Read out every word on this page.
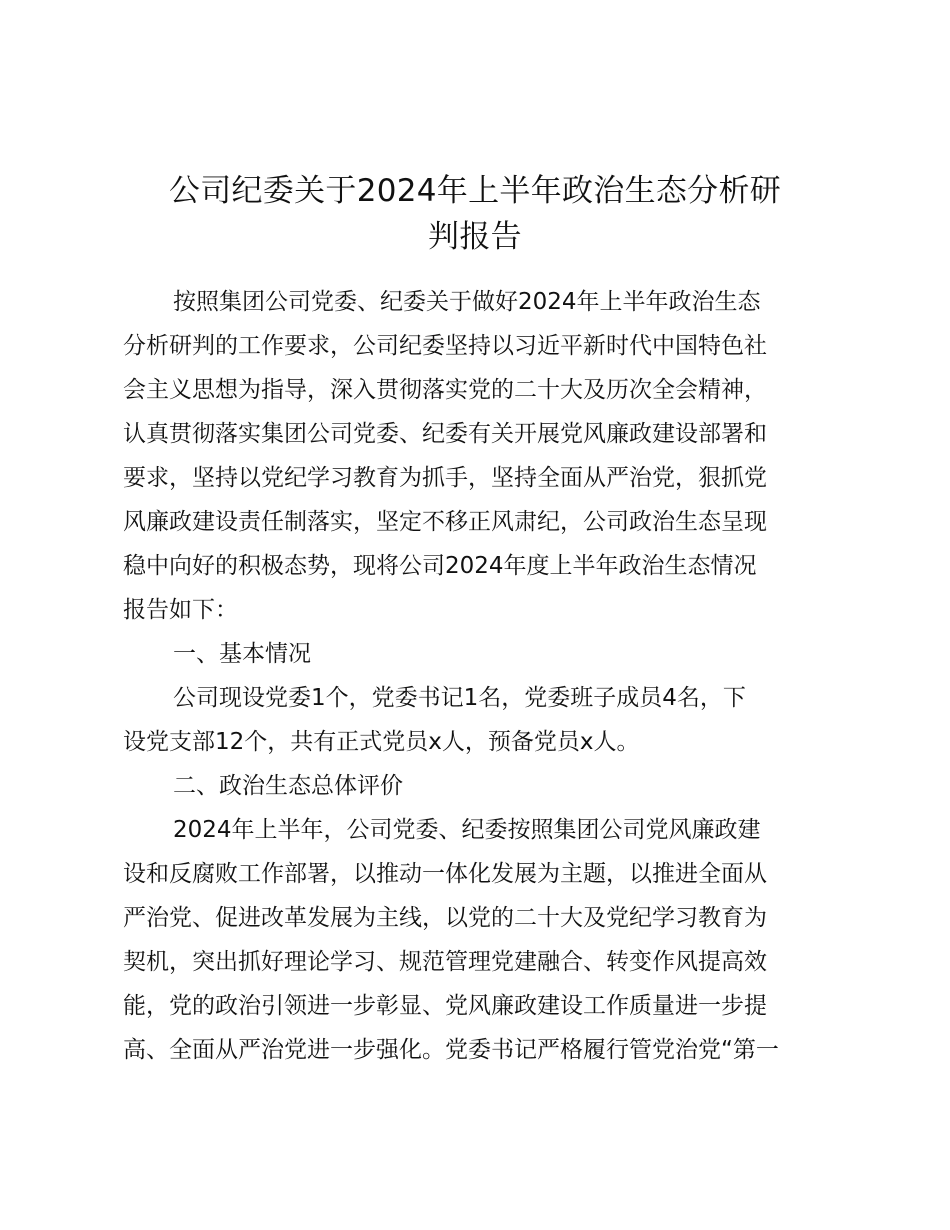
公司纪委关于2024年上半年政治生态分析研
判报告

按照集团公司党委、纪委关于做好2024年上半年政治生态

分析研判的工作要求，公司纪委坚持以习近平新时代中国特色社

会主义思想为指导，深入贯彻落实党的二十大及历次全会精神，

认真贯彻落实集团公司党委、纪委有关开展党风廉政建设部署和

要求，坚持以党纪学习教育为抓手，坚持全面从严治党，狠抓党

风廉政建设责任制落实，坚定不移正风肃纪，公司政治生态呈现

稳中向好的积极态势，现将公司2024年度上半年政治生态情况

报告如下：

一、基本情况

公司现设党委1个，党委书记1名，党委班子成员4名，下

设党支部12个，共有正式党员x人，预备党员x人。

二、政治生态总体评价

2024年上半年，公司党委、纪委按照集团公司党风廉政建

设和反腐败工作部署，以推动一体化发展为主题，以推进全面从

严治党、促进改革发展为主线，以党的二十大及党纪学习教育为

契机，突出抓好理论学习、规范管理党建融合、转变作风提高效

能，党的政治引领进一步彰显、党风廉政建设工作质量进一步提

高、全面从严治党进一步强化。党委书记严格履行管党治党“第一
